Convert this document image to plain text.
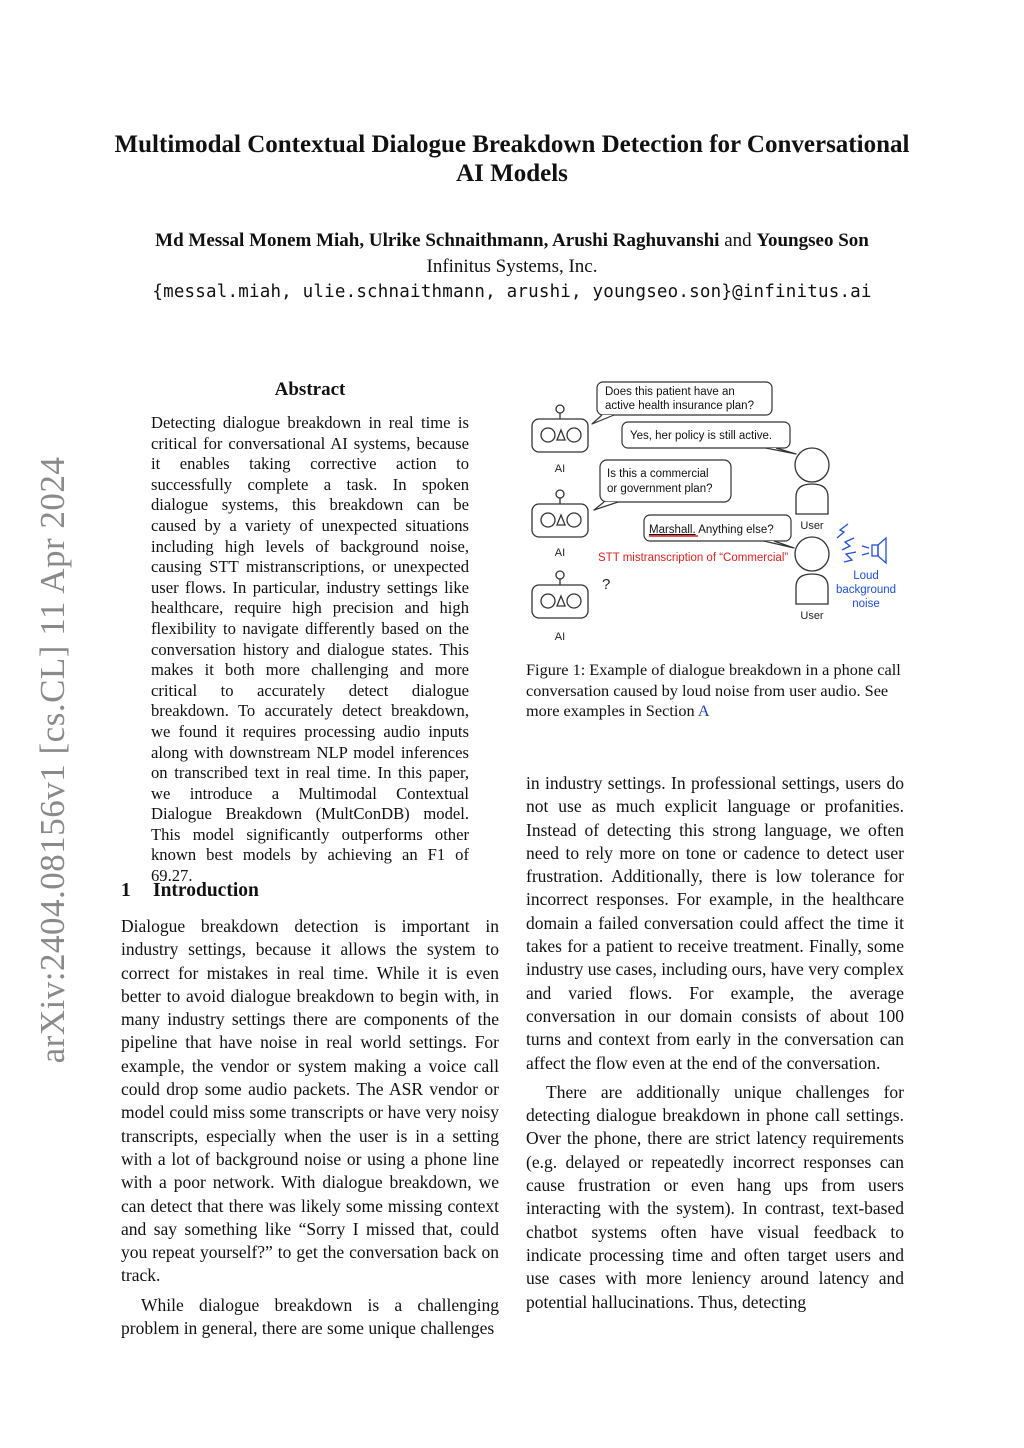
arXiv:2404.08156v1 [cs.CL] 11 Apr 2024
Multimodal Contextual Dialogue Breakdown Detection for Conversational AI Models
Md Messal Monem Miah, Ulrike Schnaithmann, Arushi Raghuvanshi and Youngseo Son
Infinitus Systems, Inc.
{messal.miah, ulie.schnaithmann, arushi, youngseo.son}@infinitus.ai
Abstract

Detecting dialogue breakdown in real time is critical for conversational AI systems, because it enables taking corrective action to successfully complete a task. In spoken dialogue systems, this breakdown can be caused by a variety of unexpected situations including high levels of background noise, causing STT mistranscriptions, or unexpected user flows. In particular, industry settings like healthcare, require high precision and high flexibility to navigate differently based on the conversation history and dialogue states. This makes it both more challenging and more critical to accurately detect dialogue breakdown. To accurately detect breakdown, we found it requires processing audio inputs along with downstream NLP model inferences on transcribed text in real time. In this paper, we introduce a Multimodal Contextual Dialogue Breakdown (MultConDB) model. This model significantly outperforms other known best models by achieving an F1 of 69.27.

1 Introduction

Dialogue breakdown detection is important in industry settings, because it allows the system to correct for mistakes in real time. While it is even better to avoid dialogue breakdown to begin with, in many industry settings there are components of the pipeline that have noise in real world settings. For example, the vendor or system making a voice call could drop some audio packets. The ASR vendor or model could miss some transcripts or have very noisy transcripts, especially when the user is in a setting with a lot of background noise or using a phone line with a poor network. With dialogue breakdown, we can detect that there was likely some missing context and say something like “Sorry I missed that, could you repeat yourself?” to get the conversation back on track.

While dialogue breakdown is a challenging problem in general, there are some unique challenges

AI
AI
AI
Does this patient have an
active health insurance plan?
Yes, her policy is still active.
Is this a commercial
or government plan?
Marshall. Anything else?
STT mistranscription of “Commercial”
?
User
User
Loud
background
noise

Figure 1: Example of dialogue breakdown in a phone call conversation caused by loud noise from user audio. See more examples in Section A

in industry settings. In professional settings, users do not use as much explicit language or profanities. Instead of detecting this strong language, we often need to rely more on tone or cadence to detect user frustration. Additionally, there is low tolerance for incorrect responses. For example, in the healthcare domain a failed conversation could affect the time it takes for a patient to receive treatment. Finally, some industry use cases, including ours, have very complex and varied flows. For example, the average conversation in our domain consists of about 100 turns and context from early in the conversation can affect the flow even at the end of the conversation.

There are additionally unique challenges for detecting dialogue breakdown in phone call settings. Over the phone, there are strict latency requirements (e.g. delayed or repeatedly incorrect responses can cause frustration or even hang ups from users interacting with the system). In contrast, text-based chatbot systems often have visual feedback to indicate processing time and often target users and use cases with more leniency around latency and potential hallucinations. Thus, detecting
